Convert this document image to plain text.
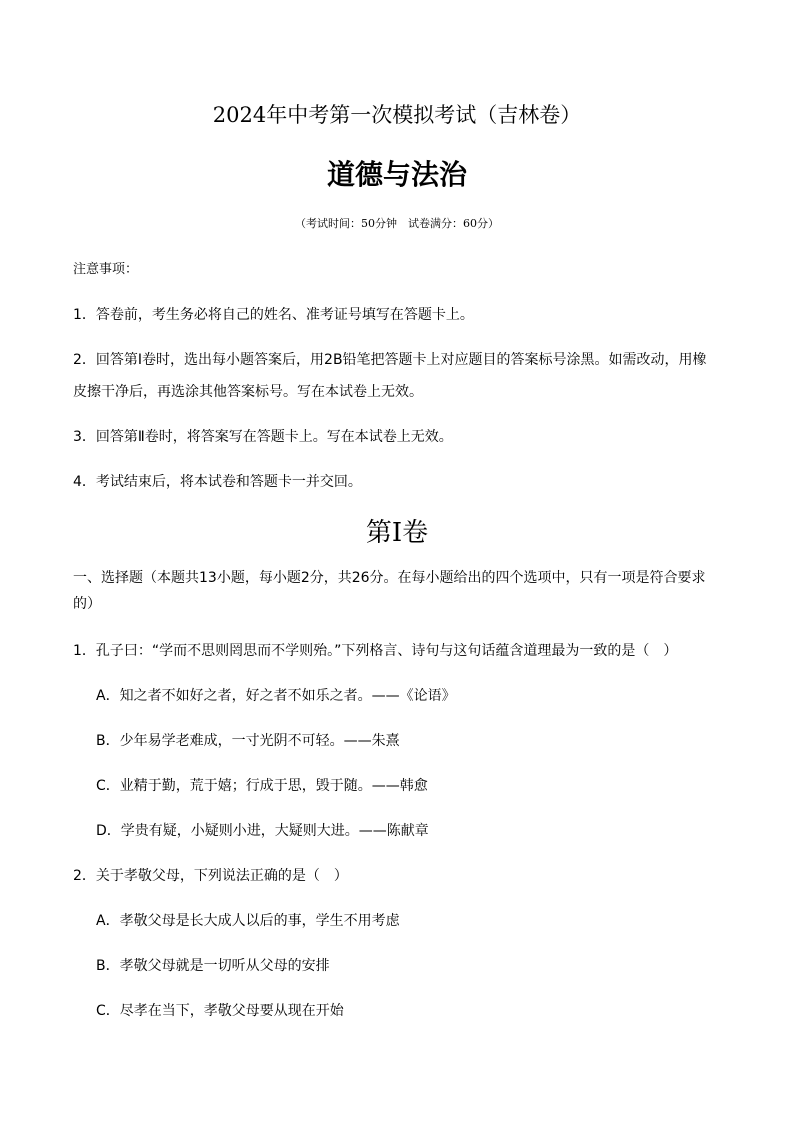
2024年中考第一次模拟考试（吉林卷）
道德与法治
（考试时间：50分钟　试卷满分：60分）
注意事项：
1．答卷前，考生务必将自己的姓名、准考证号填写在答题卡上。
2．回答第Ⅰ卷时，选出每小题答案后，用2B铅笔把答题卡上对应题目的答案标号涂黑。如需改动，用橡
皮擦干净后，再选涂其他答案标号。写在本试卷上无效。
3．回答第Ⅱ卷时，将答案写在答题卡上。写在本试卷上无效。
4．考试结束后，将本试卷和答题卡一并交回。
第Ⅰ卷
一、选择题（本题共13小题，每小题2分，共26分。在每小题给出的四个选项中，只有一项是符合要求
的）
1．孔子曰：“学而不思则罔思而不学则殆。”下列格言、诗句与这句话蕴含道理最为一致的是（　）
A．知之者不如好之者，好之者不如乐之者。——《论语》
B．少年易学老难成，一寸光阴不可轻。——朱熹
C．业精于勤，荒于嬉；行成于思，毁于随。——韩愈
D．学贵有疑，小疑则小进，大疑则大进。——陈献章
2．关于孝敬父母，下列说法正确的是（　）
A．孝敬父母是长大成人以后的事，学生不用考虑
B．孝敬父母就是一切听从父母的安排
C．尽孝在当下，孝敬父母要从现在开始
